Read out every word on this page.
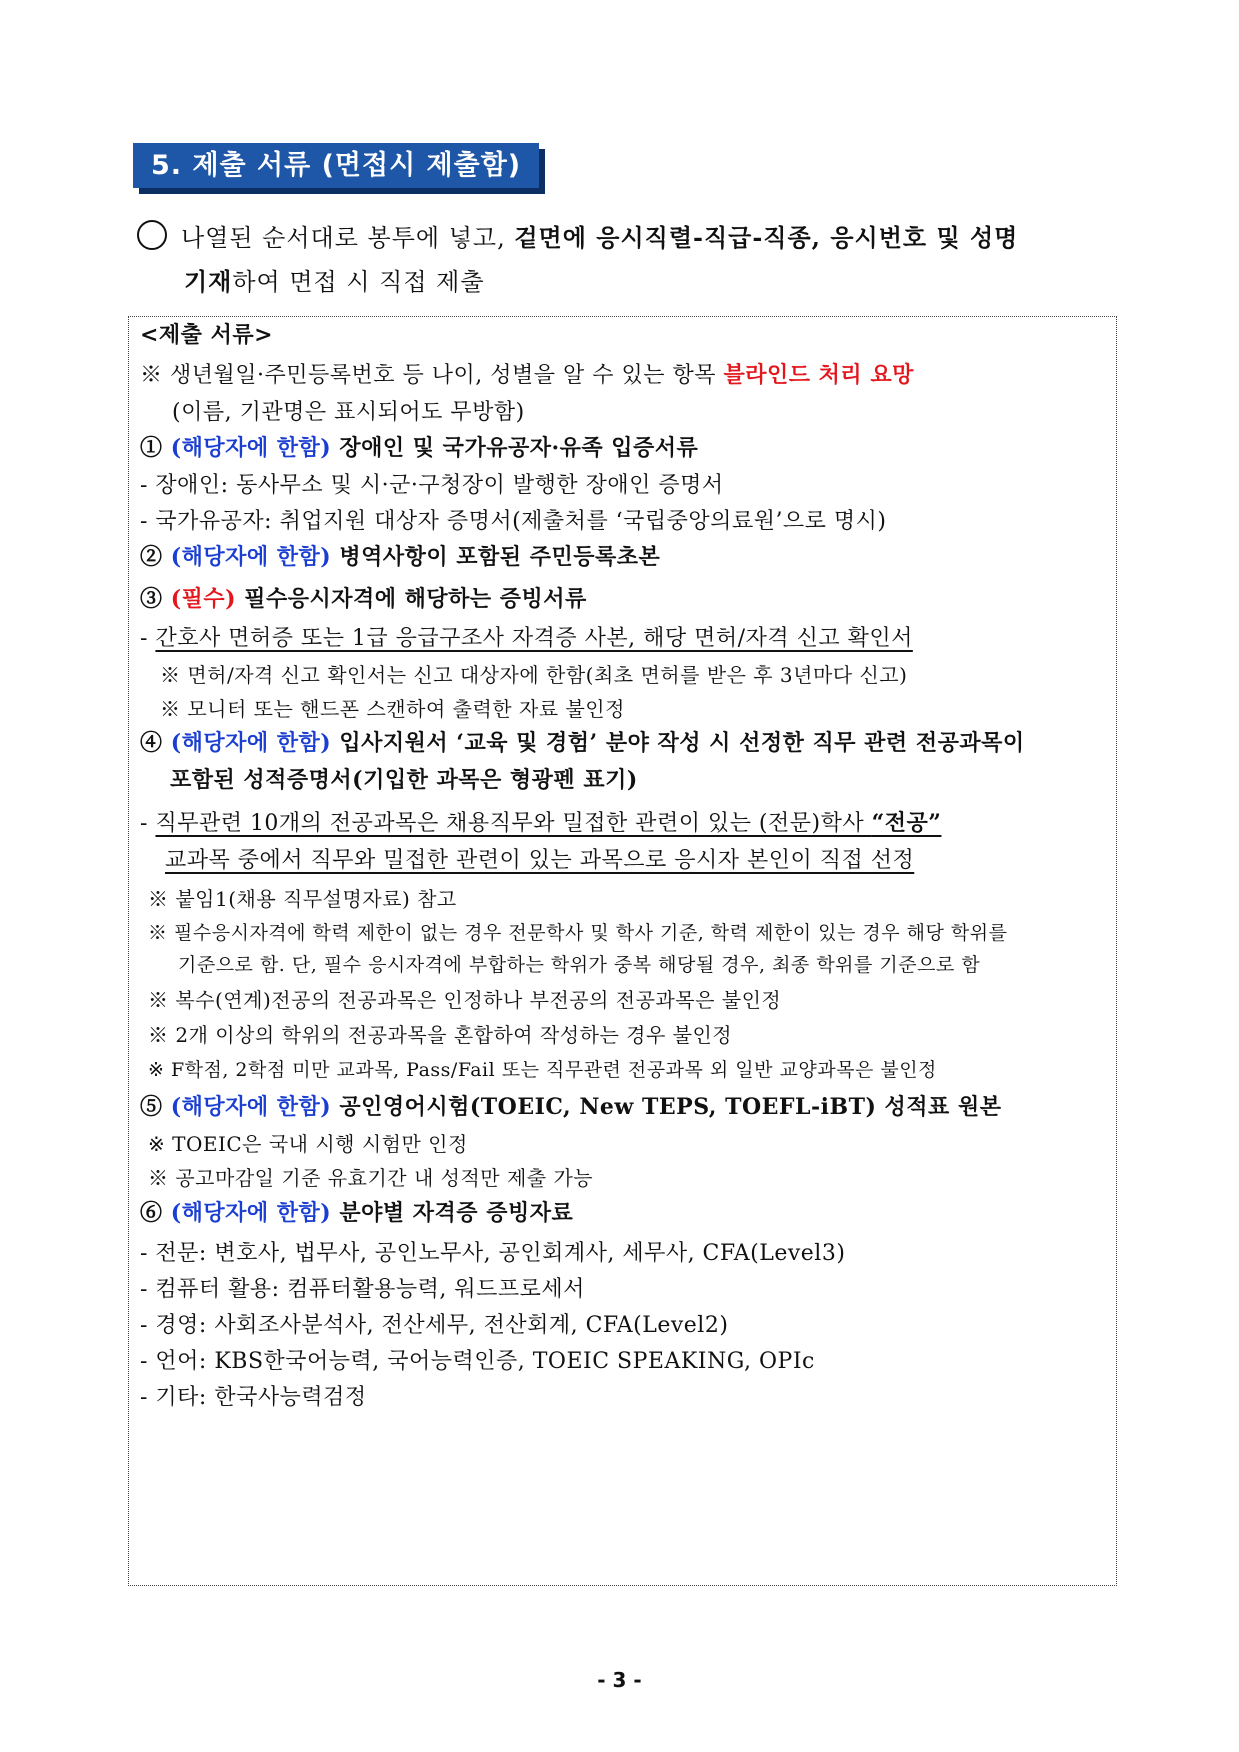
5. 제출 서류 (면접시 제출함)
나열된 순서대로 봉투에 넣고, 겉면에 응시직렬-직급-직종, 응시번호 및 성명
기재하여 면접 시 직접 제출
<제출 서류>
※ 생년월일·주민등록번호 등 나이, 성별을 알 수 있는 항목 블라인드 처리 요망
(이름, 기관명은 표시되어도 무방함)
① (해당자에 한함) 장애인 및 국가유공자·유족 입증서류
- 장애인: 동사무소 및 시·군·구청장이 발행한 장애인 증명서
- 국가유공자: 취업지원 대상자 증명서(제출처를 ‘국립중앙의료원’으로 명시)
② (해당자에 한함) 병역사항이 포함된 주민등록초본
③ (필수) 필수응시자격에 해당하는 증빙서류
- 간호사 면허증 또는 1급 응급구조사 자격증 사본, 해당 면허/자격 신고 확인서
※ 면허/자격 신고 확인서는 신고 대상자에 한함(최초 면허를 받은 후 3년마다 신고)
※ 모니터 또는 핸드폰 스캔하여 출력한 자료 불인정
④ (해당자에 한함) 입사지원서 ‘교육 및 경험’ 분야 작성 시 선정한 직무 관련 전공과목이
포함된 성적증명서(기입한 과목은 형광펜 표기)
- 직무관련 10개의 전공과목은 채용직무와 밀접한 관련이 있는 (전문)학사 “전공”
교과목 중에서 직무와 밀접한 관련이 있는 과목으로 응시자 본인이 직접 선정
※ 붙임1(채용 직무설명자료) 참고
※ 필수응시자격에 학력 제한이 없는 경우 전문학사 및 학사 기준, 학력 제한이 있는 경우 해당 학위를
기준으로 함. 단, 필수 응시자격에 부합하는 학위가 중복 해당될 경우, 최종 학위를 기준으로 함
※ 복수(연계)전공의 전공과목은 인정하나 부전공의 전공과목은 불인정
※ 2개 이상의 학위의 전공과목을 혼합하여 작성하는 경우 불인정
※ F학점, 2학점 미만 교과목, Pass/Fail 또는 직무관련 전공과목 외 일반 교양과목은 불인정
⑤ (해당자에 한함) 공인영어시험(TOEIC, New TEPS, TOEFL-iBT) 성적표 원본
※ TOEIC은 국내 시행 시험만 인정
※ 공고마감일 기준 유효기간 내 성적만 제출 가능
⑥ (해당자에 한함) 분야별 자격증 증빙자료
- 전문: 변호사, 법무사, 공인노무사, 공인회계사, 세무사, CFA(Level3)
- 컴퓨터 활용: 컴퓨터활용능력, 워드프로세서
- 경영: 사회조사분석사, 전산세무, 전산회계, CFA(Level2)
- 언어: KBS한국어능력, 국어능력인증, TOEIC SPEAKING, OPIc
- 기타: 한국사능력검정
- 3 -
